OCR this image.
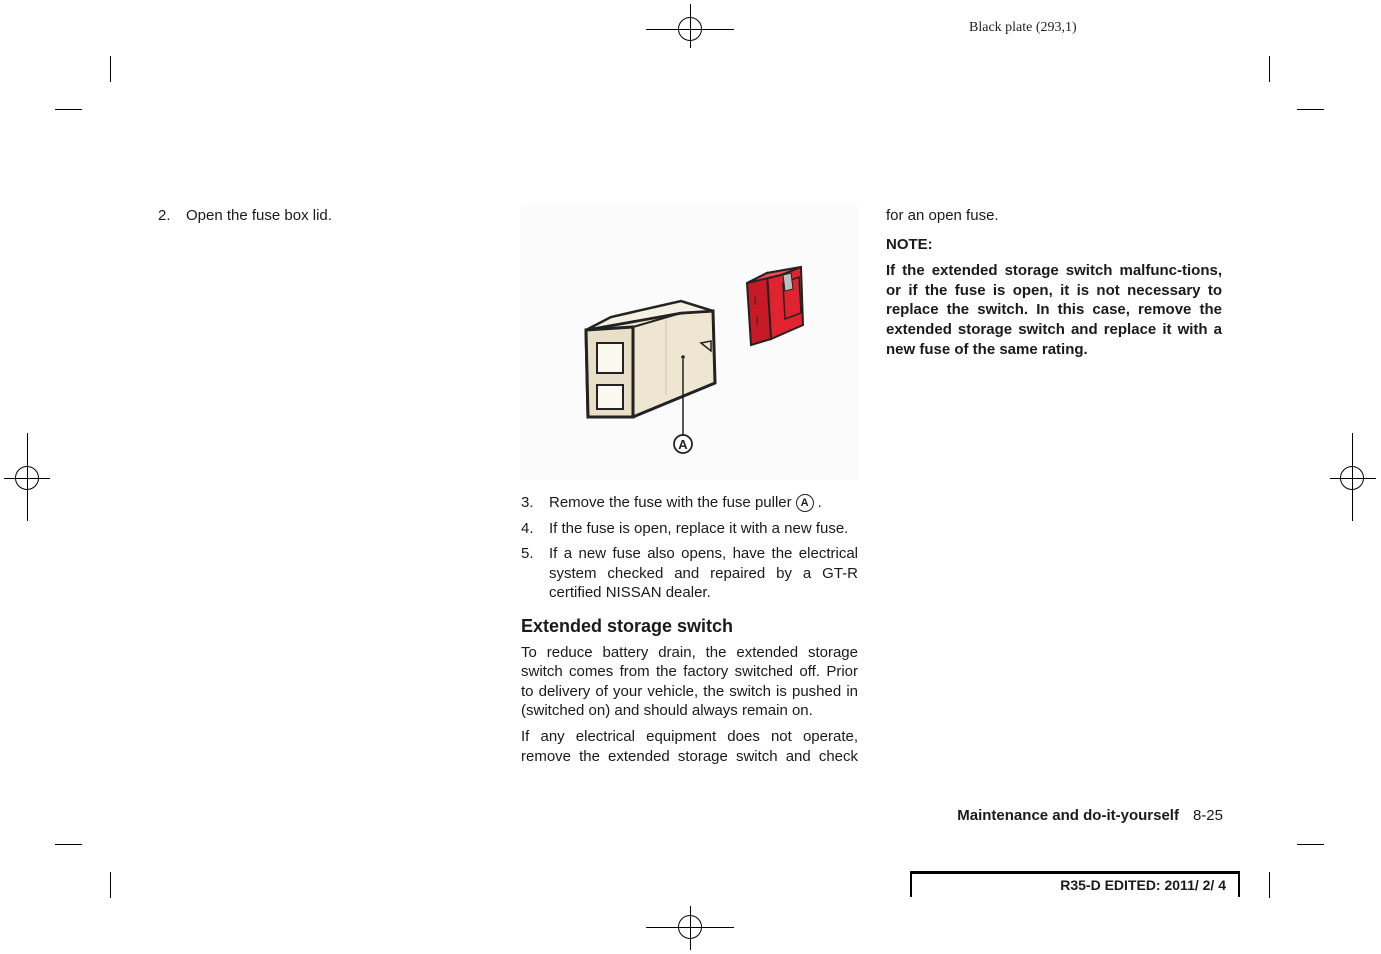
Black plate (293,1)
2.	Open the fuse box lid.
A
3.	Remove the fuse with the fuse puller A .
4.	If the fuse is open, replace it with a new fuse.
5.	If a new fuse also opens, have the electrical system checked and repaired by a GT-R certified NISSAN dealer.
Extended storage switch

To reduce battery drain, the extended storage switch comes from the factory switched off. Prior to delivery of your vehicle, the switch is pushed in (switched on) and should always remain on.

If any electrical equipment does not operate, remove the extended storage switch and check

for an open fuse.

NOTE:
If the extended storage switch malfunc-tions, or if the fuse is open, it is not necessary to replace the switch. In this case, remove the extended storage switch and replace it with a new fuse of the same rating.
Maintenance and do-it-yourself 8-25
R35-D EDITED: 2011/ 2/ 4
